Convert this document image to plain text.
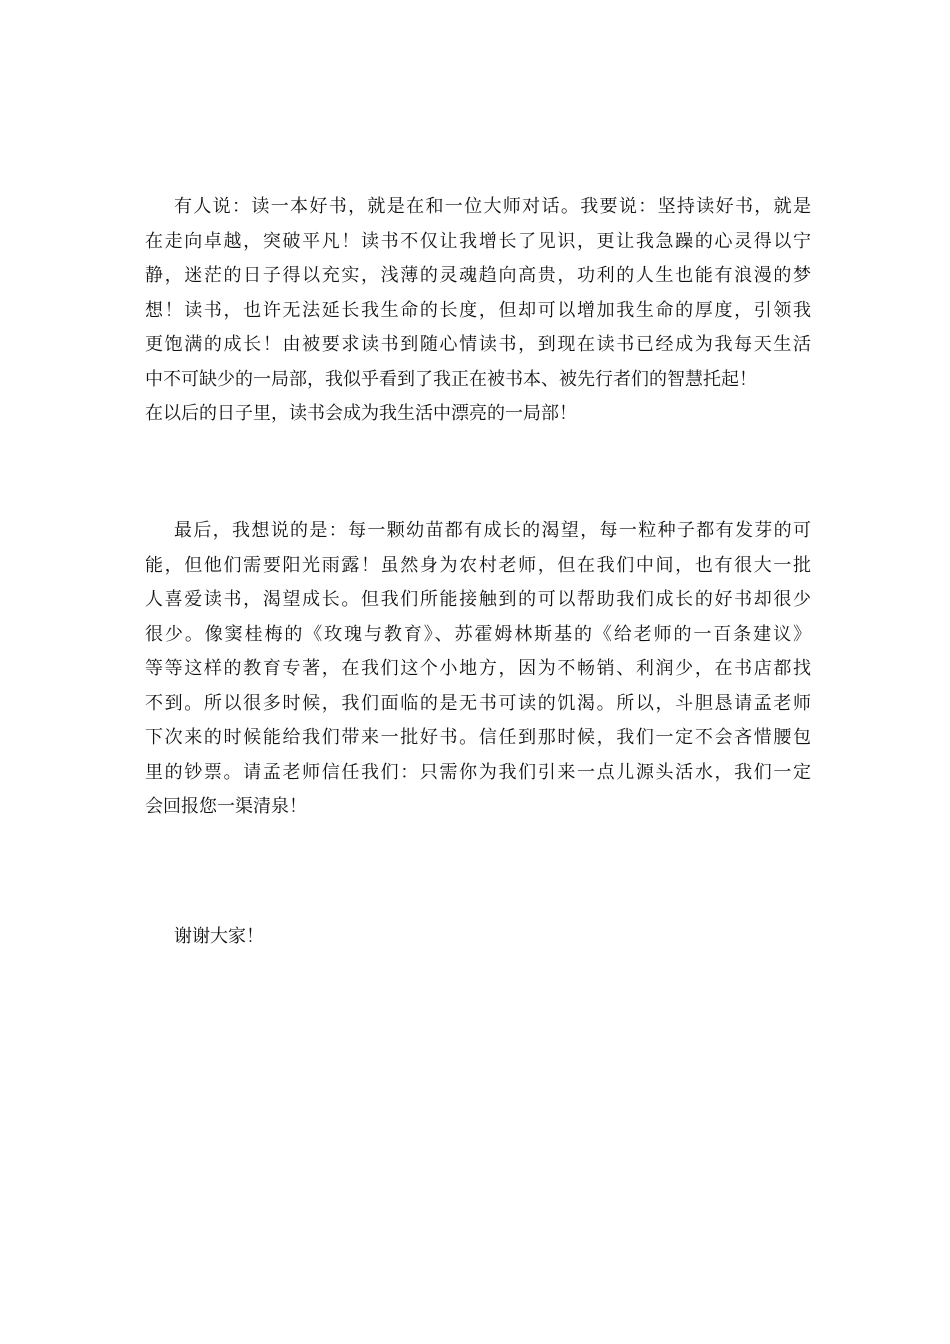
有人说：读一本好书，就是在和一位大师对话。我要说：坚持读好书，就是
在走向卓越，突破平凡！读书不仅让我增长了见识，更让我急躁的心灵得以宁
静，迷茫的日子得以充实，浅薄的灵魂趋向高贵，功利的人生也能有浪漫的梦
想！读书，也许无法延长我生命的长度，但却可以增加我生命的厚度，引领我
更饱满的成长！由被要求读书到随心情读书，到现在读书已经成为我每天生活
中不可缺少的一局部，我似乎看到了我正在被书本、被先行者们的智慧托起！
在以后的日子里，读书会成为我生活中漂亮的一局部！
最后，我想说的是：每一颗幼苗都有成长的渴望，每一粒种子都有发芽的可
能，但他们需要阳光雨露！虽然身为农村老师，但在我们中间，也有很大一批
人喜爱读书，渴望成长。但我们所能接触到的可以帮助我们成长的好书却很少
很少。像窦桂梅的《玫瑰与教育》、苏霍姆林斯基的《给老师的一百条建议》
等等这样的教育专著，在我们这个小地方，因为不畅销、利润少，在书店都找
不到。所以很多时候，我们面临的是无书可读的饥渴。所以，斗胆恳请孟老师
下次来的时候能给我们带来一批好书。信任到那时候，我们一定不会吝惜腰包
里的钞票。请孟老师信任我们：只需你为我们引来一点儿源头活水，我们一定
会回报您一渠清泉！
谢谢大家！
